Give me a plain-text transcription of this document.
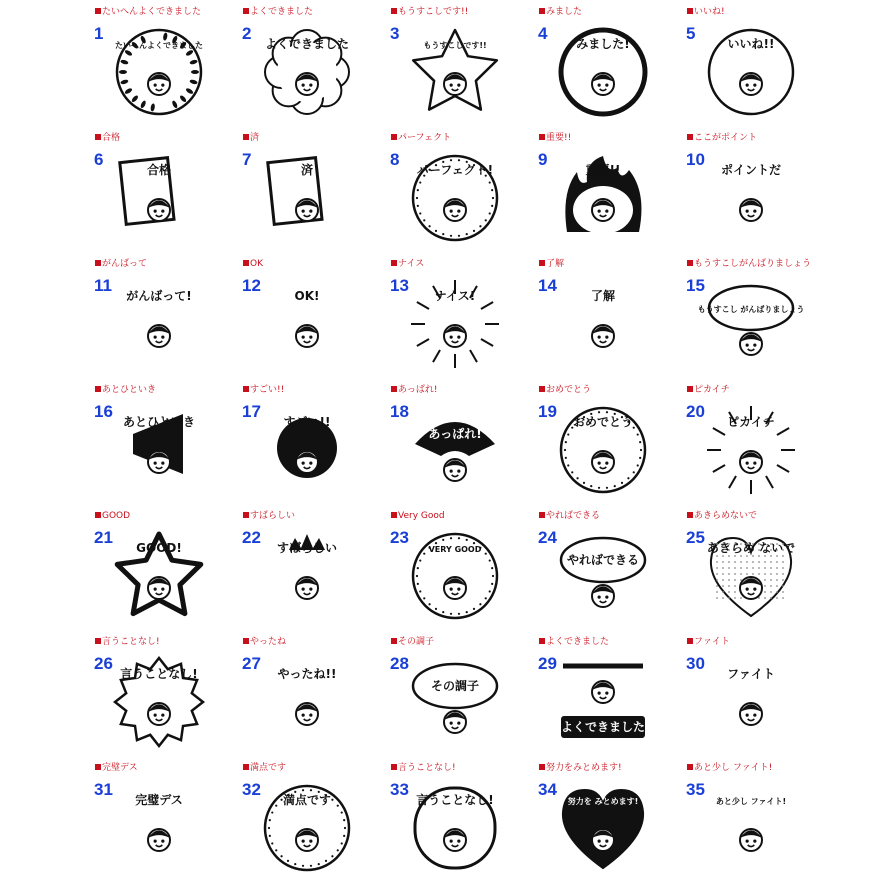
たいへんよくできました
1
たいへんよくできました
よくできました
2
よくできました
もうすこしです!!
3
もうすこしです!!
みました
4
みました!
いいね!
5
いいね!!
合格
6
合格
済
7
済
パーフェクト
8
パーフェクト!
重要!!
9
重要!!
ここがポイント
10
ポイントだ
がんばって
11
がんばって!
OK
12
OK!
ナイス
13
ナイス!
了解
14
了解
もうすこしがんばりましょう
15
もうすこし がんばりましょう
あとひといき
16
あとひといき
すごい!!
17
すごい!!
あっぱれ!
18
あっぱれ!
おめでとう
19
おめでとう
ピカイチ
20
ピカイチ
GOOD
21
GOOD!
すばらしい
22
すばらしい
Very Good
23
VERY GOOD
やればできる
24
やればできる
あきらめないで
25
あきらめ ないで
言うことなし!
26
言うことなし!
やったね
27
やったね!!
その調子
28
その調子
よくできました
29
よくできました
ファイト
30
ファイト
完璧デス
31
完璧デス
満点です
32
満点です
言うことなし!
33
言うことなし!
努力をみとめます!
34
努力を みとめます!
あと少し ファイト!
35
あと少し ファイト!
